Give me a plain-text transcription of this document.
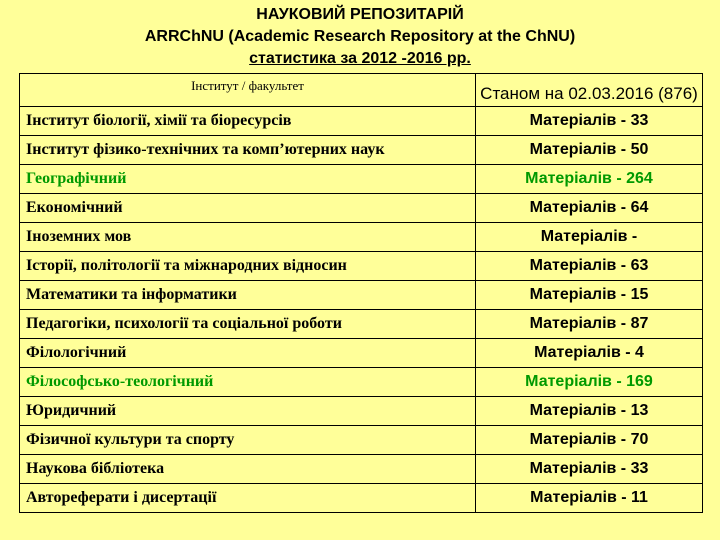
НАУКОВИЙ РЕПОЗИТАРІЙ
ARRChNU (Academic Research Repository at the ChNU)
статистика за 2012 -2016 рр.
Інститут / факультет	Станом на 02.03.2016 (876)
Інститут біології, хімії та біоресурсів	Матеріалів - 33
Інститут фізико-технічних та комп’ютерних наук	Матеріалів - 50
Географічний	Матеріалів - 264
Економічний	Матеріалів - 64
Іноземних мов	Матеріалів -
Історії, політології та міжнародних відносин	Матеріалів - 63
Математики та інформатики	Матеріалів - 15
Педагогіки, психології та соціальної роботи	Матеріалів - 87
Філологічний	Матеріалів - 4
Філософсько-теологічний	Матеріалів - 169
Юридичний	Матеріалів - 13
Фізичної культури та спорту	Матеріалів - 70
Наукова бібліотека	Матеріалів - 33
Автореферати і дисертації	Матеріалів - 11
